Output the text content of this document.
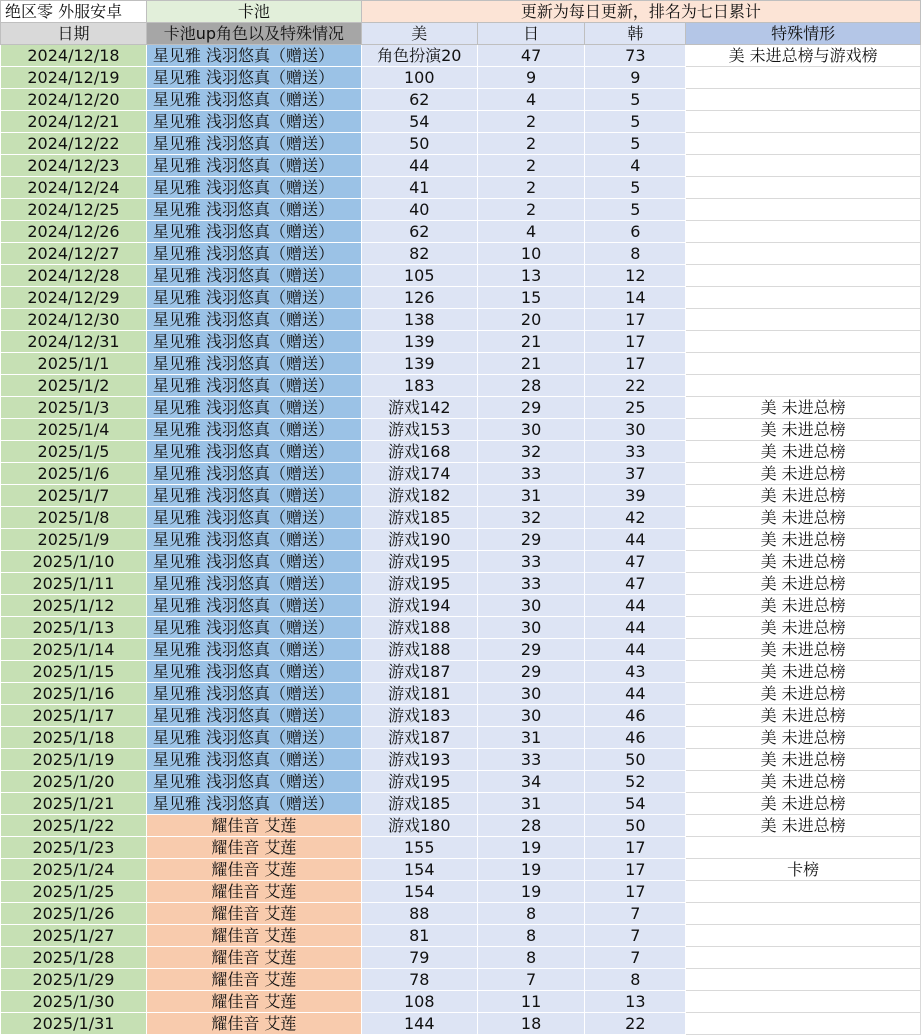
绝区零 外服安卓	卡池	更新为每日更新，排名为七日累计			
日期	卡池up角色以及特殊情况	美	日	韩	特殊情形
2024/12/18	星见雅 浅羽悠真（赠送）	角色扮演20	47	73	美 未进总榜与游戏榜
2024/12/19	星见雅 浅羽悠真（赠送）	100	9	9	
2024/12/20	星见雅 浅羽悠真（赠送）	62	4	5	
2024/12/21	星见雅 浅羽悠真（赠送）	54	2	5	
2024/12/22	星见雅 浅羽悠真（赠送）	50	2	5	
2024/12/23	星见雅 浅羽悠真（赠送）	44	2	4	
2024/12/24	星见雅 浅羽悠真（赠送）	41	2	5	
2024/12/25	星见雅 浅羽悠真（赠送）	40	2	5	
2024/12/26	星见雅 浅羽悠真（赠送）	62	4	6	
2024/12/27	星见雅 浅羽悠真（赠送）	82	10	8	
2024/12/28	星见雅 浅羽悠真（赠送）	105	13	12	
2024/12/29	星见雅 浅羽悠真（赠送）	126	15	14	
2024/12/30	星见雅 浅羽悠真（赠送）	138	20	17	
2024/12/31	星见雅 浅羽悠真（赠送）	139	21	17	
2025/1/1	星见雅 浅羽悠真（赠送）	139	21	17	
2025/1/2	星见雅 浅羽悠真（赠送）	183	28	22	
2025/1/3	星见雅 浅羽悠真（赠送）	游戏142	29	25	美 未进总榜
2025/1/4	星见雅 浅羽悠真（赠送）	游戏153	30	30	美 未进总榜
2025/1/5	星见雅 浅羽悠真（赠送）	游戏168	32	33	美 未进总榜
2025/1/6	星见雅 浅羽悠真（赠送）	游戏174	33	37	美 未进总榜
2025/1/7	星见雅 浅羽悠真（赠送）	游戏182	31	39	美 未进总榜
2025/1/8	星见雅 浅羽悠真（赠送）	游戏185	32	42	美 未进总榜
2025/1/9	星见雅 浅羽悠真（赠送）	游戏190	29	44	美 未进总榜
2025/1/10	星见雅 浅羽悠真（赠送）	游戏195	33	47	美 未进总榜
2025/1/11	星见雅 浅羽悠真（赠送）	游戏195	33	47	美 未进总榜
2025/1/12	星见雅 浅羽悠真（赠送）	游戏194	30	44	美 未进总榜
2025/1/13	星见雅 浅羽悠真（赠送）	游戏188	30	44	美 未进总榜
2025/1/14	星见雅 浅羽悠真（赠送）	游戏188	29	44	美 未进总榜
2025/1/15	星见雅 浅羽悠真（赠送）	游戏187	29	43	美 未进总榜
2025/1/16	星见雅 浅羽悠真（赠送）	游戏181	30	44	美 未进总榜
2025/1/17	星见雅 浅羽悠真（赠送）	游戏183	30	46	美 未进总榜
2025/1/18	星见雅 浅羽悠真（赠送）	游戏187	31	46	美 未进总榜
2025/1/19	星见雅 浅羽悠真（赠送）	游戏193	33	50	美 未进总榜
2025/1/20	星见雅 浅羽悠真（赠送）	游戏195	34	52	美 未进总榜
2025/1/21	星见雅 浅羽悠真（赠送）	游戏185	31	54	美 未进总榜
2025/1/22	耀佳音 艾莲	游戏180	28	50	美 未进总榜
2025/1/23	耀佳音 艾莲	155	19	17	
2025/1/24	耀佳音 艾莲	154	19	17	卡榜
2025/1/25	耀佳音 艾莲	154	19	17	
2025/1/26	耀佳音 艾莲	88	8	7	
2025/1/27	耀佳音 艾莲	81	8	7	
2025/1/28	耀佳音 艾莲	79	8	7	
2025/1/29	耀佳音 艾莲	78	7	8	
2025/1/30	耀佳音 艾莲	108	11	13	
2025/1/31	耀佳音 艾莲	144	18	22	
